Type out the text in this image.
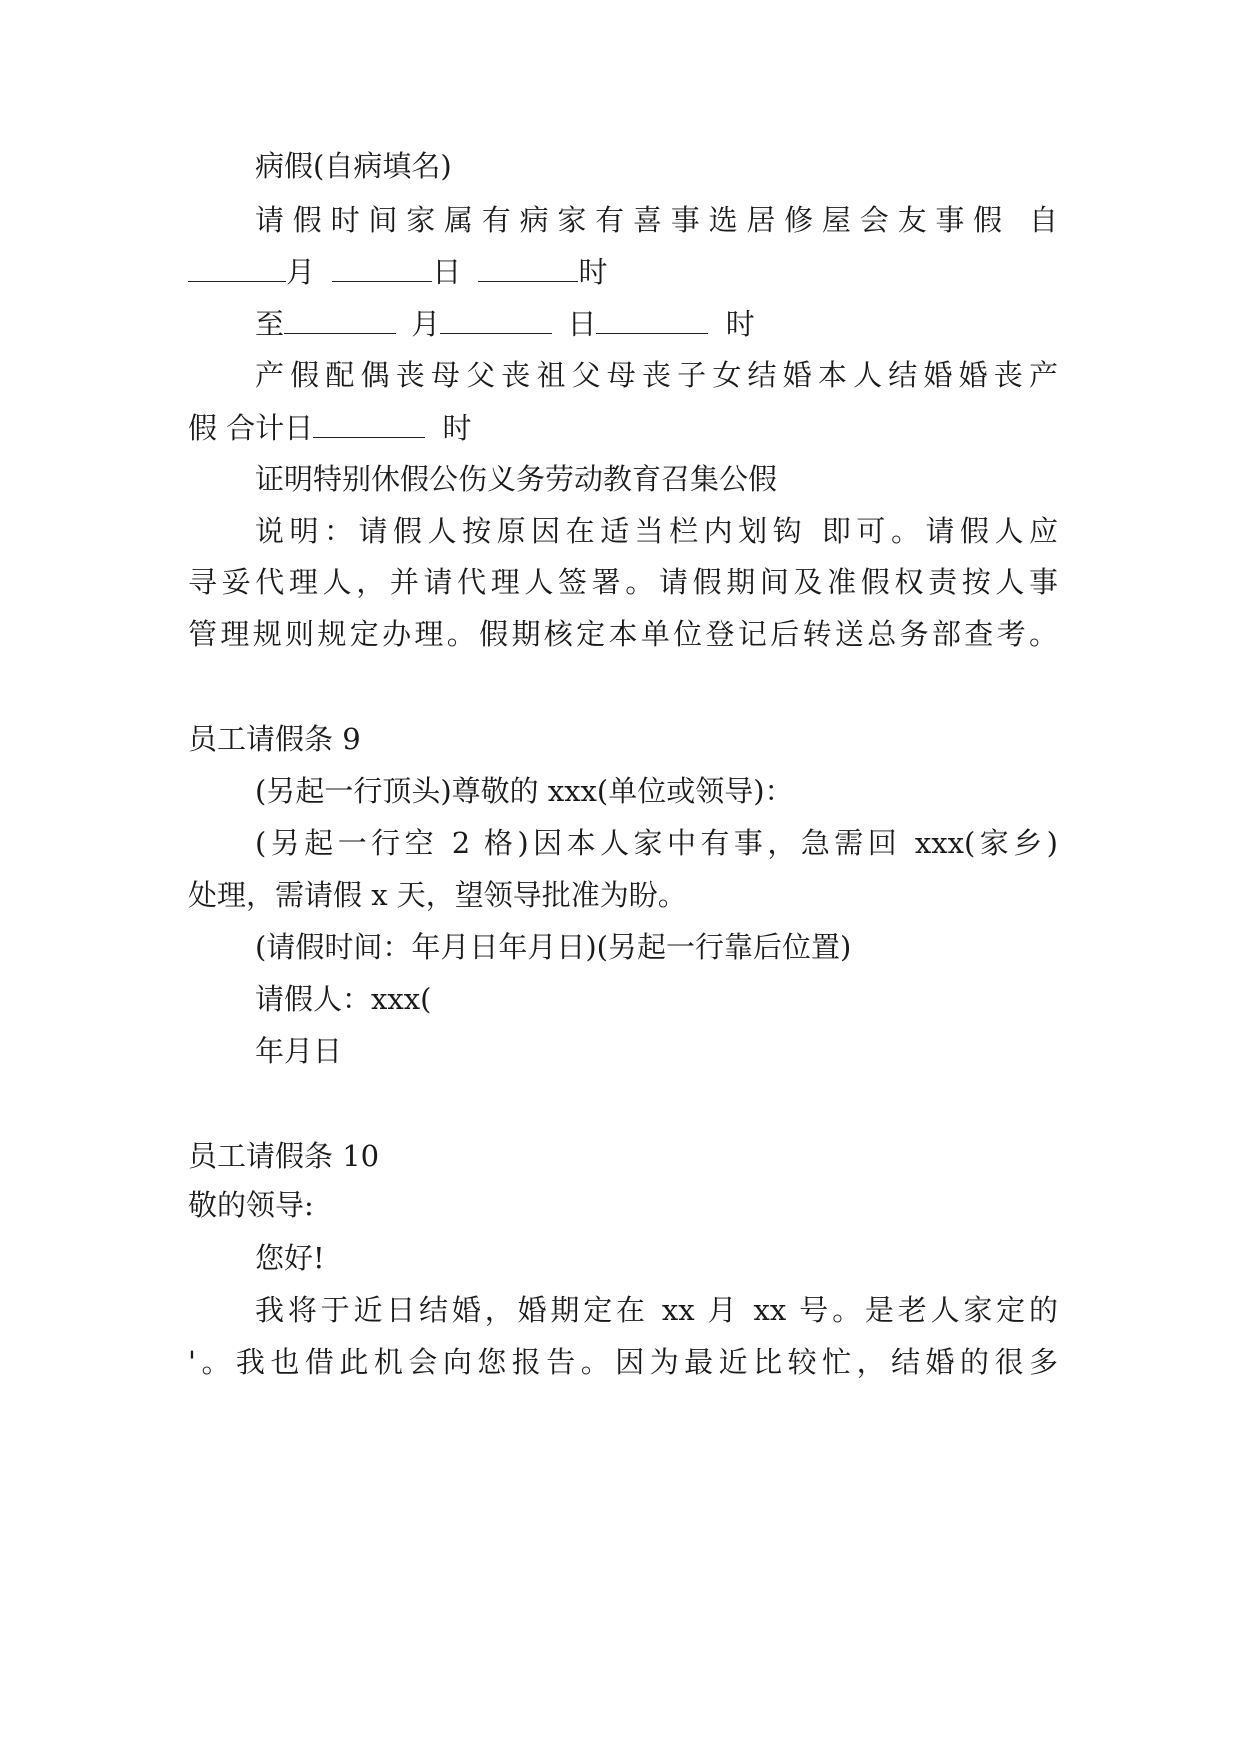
病假(自病填名)
请假时间家属有病家有喜事选居修屋会友事假 自
月	日	时
至	月	日	时
产假配偶丧母父丧祖父母丧子女结婚本人结婚婚丧产
假 合计日	时
证明特别休假公伤义务劳动教育召集公假
说明：请假人按原因在适当栏内划钩 即可。请假人应
寻妥代理人，并请代理人签署。请假期间及准假权责按人事
管理规则规定办理。假期核定本单位登记后转送总务部查考。
员工请假条 9
(另起一行顶头)尊敬的 xxx(单位或领导)：
(另起一行空 2 格)因本人家中有事，急需回 xxx(家乡)
处理，需请假 x 天，望领导批准为盼。
(请假时间：年月日年月日)(另起一行靠后位置)
请假人：xxx(
年月日
员工请假条 10
敬的领导:
您好!
我将于近日结婚，婚期定在 xx 月 xx 号。是老人家定的
'。我也借此机会向您报告。因为最近比较忙，结婚的很多
